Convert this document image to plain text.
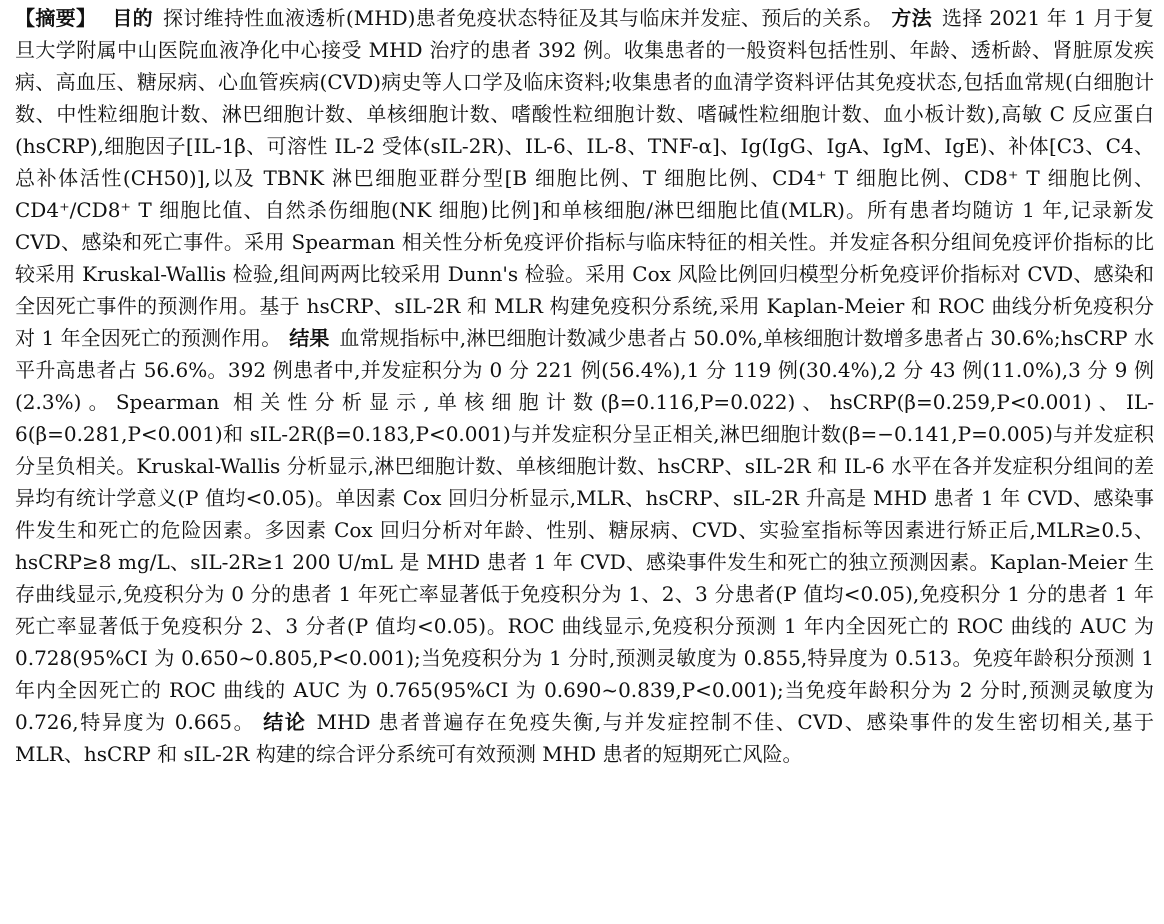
【摘要】 目的 探讨维持性血液透析(MHD)患者免疫状态特征及其与临床并发症、预后的关系。 方法 选择 2021 年 1 月于复旦大学附属中山医院血液净化中心接受 MHD 治疗的患者 392 例。收集患者的一般资料包括性别、年龄、透析龄、肾脏原发疾病、高血压、糖尿病、心血管疾病(CVD)病史等人口学及临床资料;收集患者的血清学资料评估其免疫状态,包括血常规(白细胞计数、中性粒细胞计数、淋巴细胞计数、单核细胞计数、嗜酸性粒细胞计数、嗜碱性粒细胞计数、血小板计数),高敏 C 反应蛋白(hsCRP),细胞因子[IL-1β、可溶性 IL-2 受体(sIL-2R)、IL-6、IL-8、TNF-α]、Ig(IgG、IgA、IgM、IgE)、补体[C3、C4、总补体活性(CH50)],以及 TBNK 淋巴细胞亚群分型[B 细胞比例、T 细胞比例、CD4⁺ T 细胞比例、CD8⁺ T 细胞比例、CD4⁺/CD8⁺ T 细胞比值、自然杀伤细胞(NK 细胞)比例]和单核细胞/淋巴细胞比值(MLR)。所有患者均随访 1 年,记录新发 CVD、感染和死亡事件。采用 Spearman 相关性分析免疫评价指标与临床特征的相关性。并发症各积分组间免疫评价指标的比较采用 Kruskal-Wallis 检验,组间两两比较采用 Dunn's 检验。采用 Cox 风险比例回归模型分析免疫评价指标对 CVD、感染和全因死亡事件的预测作用。基于 hsCRP、sIL-2R 和 MLR 构建免疫积分系统,采用 Kaplan-Meier 和 ROC 曲线分析免疫积分对 1 年全因死亡的预测作用。 结果 血常规指标中,淋巴细胞计数减少患者占 50.0%,单核细胞计数增多患者占 30.6%;hsCRP 水平升高患者占 56.6%。392 例患者中,并发症积分为 0 分 221 例(56.4%),1 分 119 例(30.4%),2 分 43 例(11.0%),3 分 9 例(2.3%)。Spearman 相关性分析显示,单核细胞计数(β=0.116,P=0.022)、hsCRP(β=0.259,P<0.001)、IL-6(β=0.281,P<0.001)和 sIL-2R(β=0.183,P<0.001)与并发症积分呈正相关,淋巴细胞计数(β=−0.141,P=0.005)与并发症积分呈负相关。Kruskal-Wallis 分析显示,淋巴细胞计数、单核细胞计数、hsCRP、sIL-2R 和 IL-6 水平在各并发症积分组间的差异均有统计学意义(P 值均<0.05)。单因素 Cox 回归分析显示,MLR、hsCRP、sIL-2R 升高是 MHD 患者 1 年 CVD、感染事件发生和死亡的危险因素。多因素 Cox 回归分析对年龄、性别、糖尿病、CVD、实验室指标等因素进行矫正后,MLR≥0.5、hsCRP≥8 mg/L、sIL-2R≥1 200 U/mL 是 MHD 患者 1 年 CVD、感染事件发生和死亡的独立预测因素。Kaplan-Meier 生存曲线显示,免疫积分为 0 分的患者 1 年死亡率显著低于免疫积分为 1、2、3 分患者(P 值均<0.05),免疫积分 1 分的患者 1 年死亡率显著低于免疫积分 2、3 分者(P 值均<0.05)。ROC 曲线显示,免疫积分预测 1 年内全因死亡的 ROC 曲线的 AUC 为 0.728(95%CI 为 0.650~0.805,P<0.001);当免疫积分为 1 分时,预测灵敏度为 0.855,特异度为 0.513。免疫年龄积分预测 1 年内全因死亡的 ROC 曲线的 AUC 为 0.765(95%CI 为 0.690~0.839,P<0.001);当免疫年龄积分为 2 分时,预测灵敏度为 0.726,特异度为 0.665。 结论 MHD 患者普遍存在免疫失衡,与并发症控制不佳、CVD、感染事件的发生密切相关,基于 MLR、hsCRP 和 sIL-2R 构建的综合评分系统可有效预测 MHD 患者的短期死亡风险。
